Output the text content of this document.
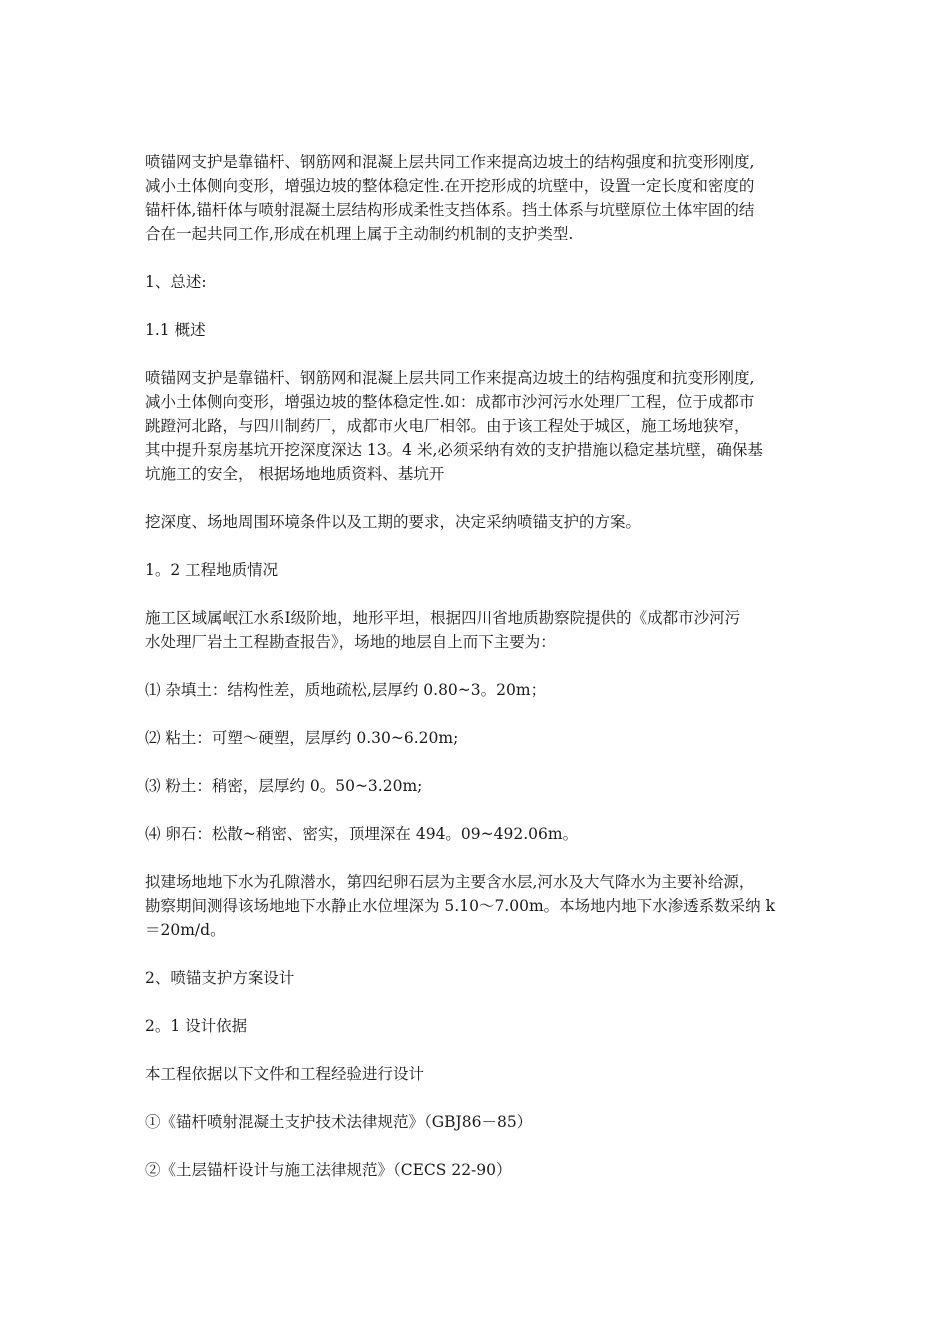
喷锚网支护是靠锚杆、钢筋网和混凝上层共同工作来提高边坡土的结构强度和抗变形刚度,
减小土体侧向变形，增强边坡的整体稳定性.在开挖形成的坑壁中，设置一定长度和密度的
锚杆体,锚杆体与喷射混凝土层结构形成柔性支挡体系。挡土体系与坑壁原位土体牢固的结
合在一起共同工作,形成在机理上属于主动制约机制的支护类型.

1、总述:

1.1 概述

喷锚网支护是靠锚杆、钢筋网和混凝上层共同工作来提高边坡土的结构强度和抗变形刚度,
减小土体侧向变形，增强边坡的整体稳定性.如：成都市沙河污水处理厂工程，位于成都市
跳蹬河北路，与四川制药厂，成都市火电厂相邻。由于该工程处于城区，施工场地狭窄，
其中提升泵房基坑开挖深度深达 13。4 米,必须采纳有效的支护措施以稳定基坑壁，确保基
坑施工的安全， 根据场地地质资料、基坑开

挖深度、场地周围环境条件以及工期的要求，决定采纳喷锚支护的方案。

1。2 工程地质情况

施工区域属岷江水系Ⅰ级阶地，地形平坦，根据四川省地质勘察院提供的《成都市沙河污
水处理厂岩土工程勘查报告》，场地的地层自上而下主要为：

⑴ 杂填土：结构性差，质地疏松,层厚约 0.80~3。20m；

⑵ 粘土：可塑～硬塑，层厚约 0.30~6.20m;

⑶ 粉土：稍密，层厚约 0。50~3.20m;

⑷ 卵石：松散~稍密、密实，顶埋深在 494。09~492.06m。

拟建场地地下水为孔隙潜水，第四纪卵石层为主要含水层,河水及大气降水为主要补给源，
勘察期间测得该场地地下水静止水位埋深为 5.10～7.00m。本场地内地下水渗透系数采纳 k
＝20m/d。

2、喷锚支护方案设计

2。1 设计依据

本工程依据以下文件和工程经验进行设计

①《锚杆喷射混凝土支护技术法律规范》（GBJ86－85）

②《土层锚杆设计与施工法律规范》（CECS 22-90）
